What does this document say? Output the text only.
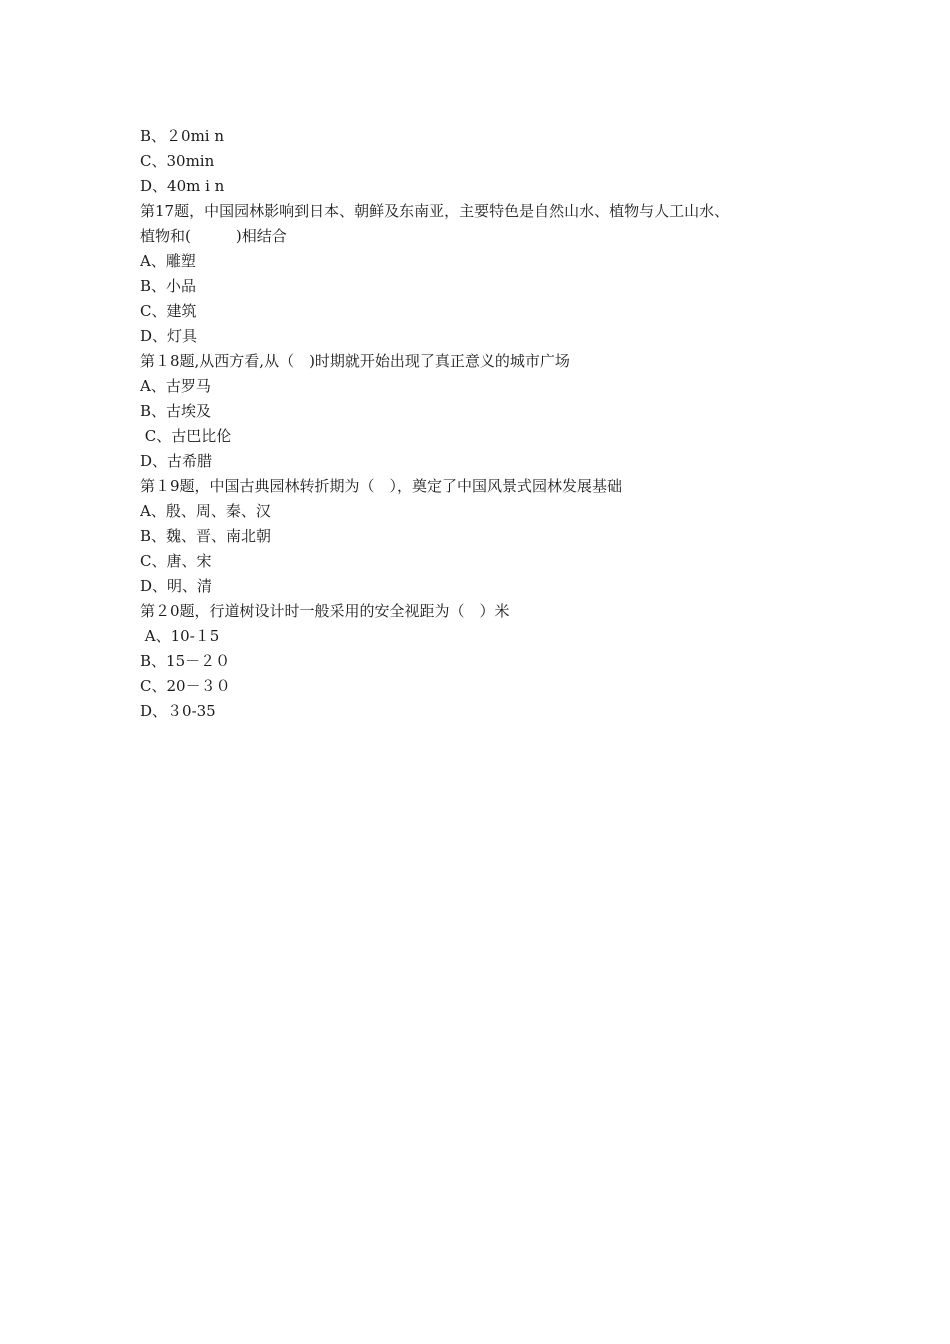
B、２0mi n
C、30min
D、40m i n
第17题，中国园林影响到日本、朝鲜及东南亚，主要特色是自然山水、植物与人工山水、
植物和(　　　)相结合
A、雕塑
B、小品
C、建筑
D、灯具
第１8题,从西方看,从（　)时期就开始出现了真正意义的城市广场
A、古罗马
B、古埃及
C、古巴比伦
D、古希腊
第１9题，中国古典园林转折期为（　），奠定了中国风景式园林发展基础
A、殷、周、秦、汉
B、魏、晋、南北朝
C、唐、宋
D、明、清
第２0题，行道树设计时一般采用的安全视距为（　）米
A、10-１5
B、15－２０
C、20－３０
D、３0-35
